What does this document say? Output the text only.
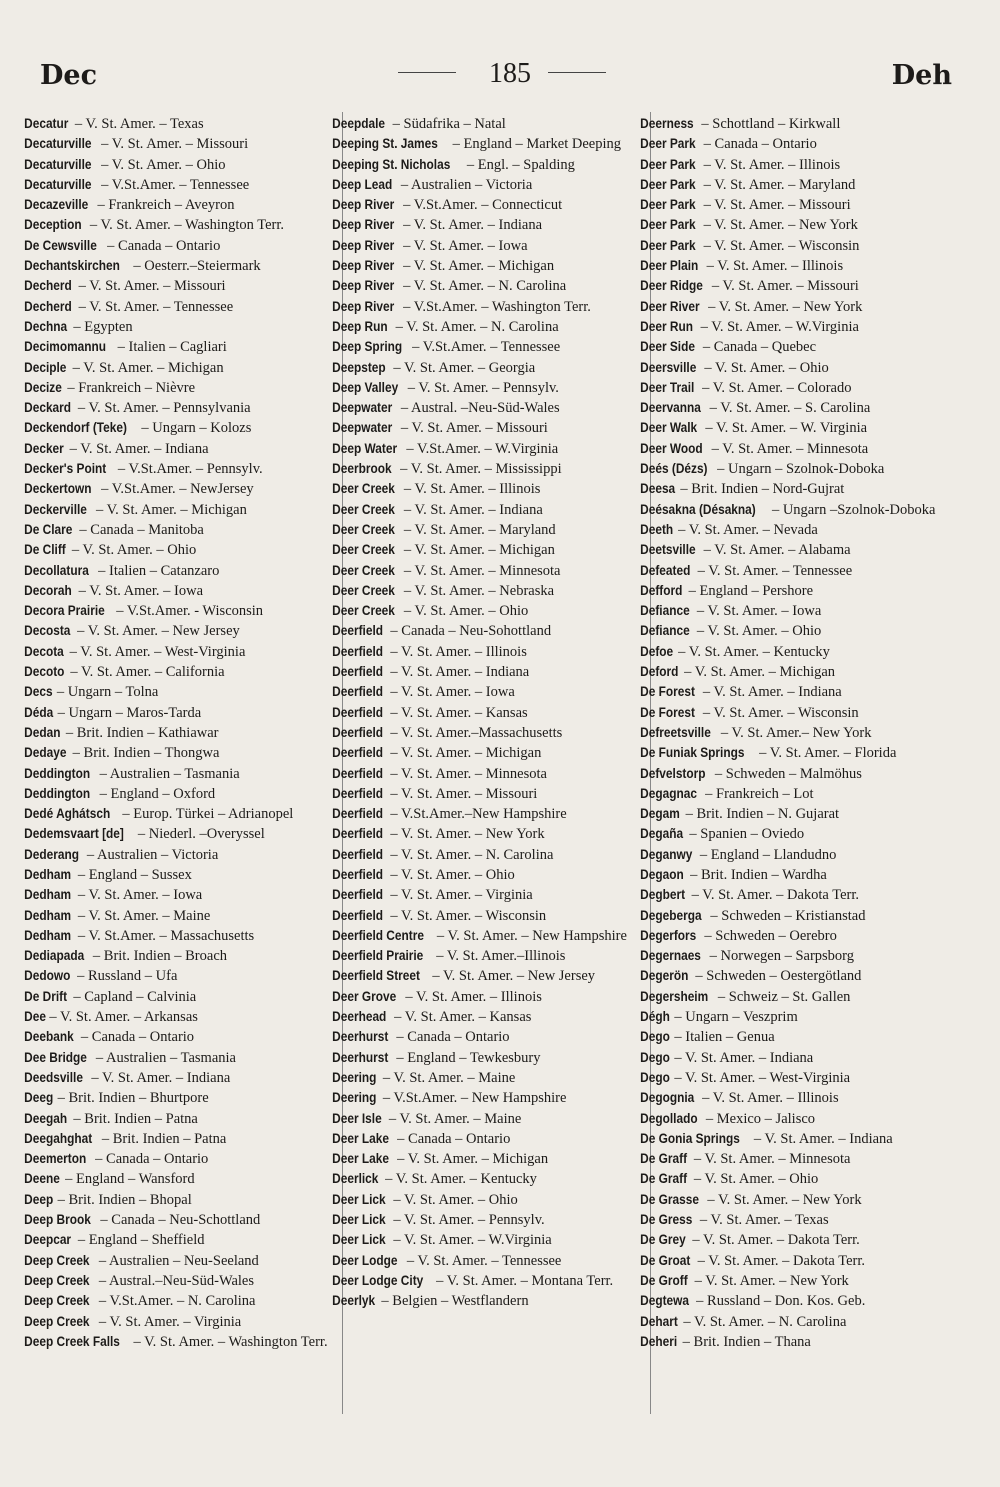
Dec	185	Deh

Decatur – V. St. Amer. – Texas

Decaturville – V. St. Amer. – Missouri

Decaturville – V. St. Amer. – Ohio

Decaturville – V.St.Amer. – Tennessee

Decazeville – Frankreich – Aveyron

Deception – V. St. Amer. – Washington Terr.

De Cewsville – Canada – Ontario

Dechantskirchen – Oesterr.–Steiermark

Decherd – V. St. Amer. – Missouri

Decherd – V. St. Amer. – Tennessee

Dechna – Egypten

Decimomannu – Italien – Cagliari

Deciple – V. St. Amer. – Michigan

Decize – Frankreich – Nièvre

Deckard – V. St. Amer. – Pennsylvania

Deckendorf (Teke) – Ungarn – Kolozs

Decker – V. St. Amer. – Indiana

Decker's Point – V.St.Amer. – Pennsylv.

Deckertown – V.St.Amer. – NewJersey

Deckerville – V. St. Amer. – Michigan

De Clare – Canada – Manitoba

De Cliff – V. St. Amer. – Ohio

Decollatura – Italien – Catanzaro

Decorah – V. St. Amer. – Iowa

Decora Prairie – V.St.Amer. - Wisconsin

Decosta – V. St. Amer. – New Jersey

Decota – V. St. Amer. – West-Virginia

Decoto – V. St. Amer. – California

Decs – Ungarn – Tolna

Déda – Ungarn – Maros-Tarda

Dedan – Brit. Indien – Kathiawar

Dedaye – Brit. Indien – Thongwa

Deddington – Australien – Tasmania

Deddington – England – Oxford

Dedé Aghátsch – Europ. Türkei – Adrianopel

Dedemsvaart [de] – Niederl. –Overyssel

Dederang – Australien – Victoria

Dedham – England – Sussex

Dedham – V. St. Amer. – Iowa

Dedham – V. St. Amer. – Maine

Dedham – V. St.Amer. – Massachusetts

Dediapada – Brit. Indien – Broach

Dedowo – Russland – Ufa

De Drift – Capland – Calvinia

Dee – V. St. Amer. – Arkansas

Deebank – Canada – Ontario

Dee Bridge – Australien – Tasmania

Deedsville – V. St. Amer. – Indiana

Deeg – Brit. Indien – Bhurtpore

Deegah – Brit. Indien – Patna

Deegahghat – Brit. Indien – Patna

Deemerton – Canada – Ontario

Deene – England – Wansford

Deep – Brit. Indien – Bhopal

Deep Brook – Canada – Neu-Schottland

Deepcar – England – Sheffield

Deep Creek – Australien – Neu-Seeland

Deep Creek – Austral.–Neu-Süd-Wales

Deep Creek – V.St.Amer. – N. Carolina

Deep Creek – V. St. Amer. – Virginia

Deep Creek Falls – V. St. Amer. – Washington Terr.

Deepdale – Südafrika – Natal

Deeping St. James – England – Market Deeping

Deeping St. Nicholas – Engl. – Spalding

Deep Lead – Australien – Victoria

Deep River – V.St.Amer. – Connecticut

Deep River – V. St. Amer. – Indiana

Deep River – V. St. Amer. – Iowa

Deep River – V. St. Amer. – Michigan

Deep River – V. St. Amer. – N. Carolina

Deep River – V.St.Amer. – Washington Terr.

Deep Run – V. St. Amer. – N. Carolina

Deep Spring – V.St.Amer. – Tennessee

Deepstep – V. St. Amer. – Georgia

Deep Valley – V. St. Amer. – Pennsylv.

Deepwater – Austral. –Neu-Süd-Wales

Deepwater – V. St. Amer. – Missouri

Deep Water – V.St.Amer. – W.Virginia

Deerbrook – V. St. Amer. – Mississippi

Deer Creek – V. St. Amer. – Illinois

Deer Creek – V. St. Amer. – Indiana

Deer Creek – V. St. Amer. – Maryland

Deer Creek – V. St. Amer. – Michigan

Deer Creek – V. St. Amer. – Minnesota

Deer Creek – V. St. Amer. – Nebraska

Deer Creek – V. St. Amer. – Ohio

Deerfield – Canada – Neu-Sohottland

Deerfield – V. St. Amer. – Illinois

Deerfield – V. St. Amer. – Indiana

Deerfield – V. St. Amer. – Iowa

Deerfield – V. St. Amer. – Kansas

Deerfield – V. St. Amer.–Massachusetts

Deerfield – V. St. Amer. – Michigan

Deerfield – V. St. Amer. – Minnesota

Deerfield – V. St. Amer. – Missouri

Deerfield – V.St.Amer.–New Hampshire

Deerfield – V. St. Amer. – New York

Deerfield – V. St. Amer. – N. Carolina

Deerfield – V. St. Amer. – Ohio

Deerfield – V. St. Amer. – Virginia

Deerfield – V. St. Amer. – Wisconsin

Deerfield Centre – V. St. Amer. – New Hampshire

Deerfield Prairie – V. St. Amer.–Illinois

Deerfield Street – V. St. Amer. – New Jersey

Deer Grove – V. St. Amer. – Illinois

Deerhead – V. St. Amer. – Kansas

Deerhurst – Canada – Ontario

Deerhurst – England – Tewkesbury

Deering – V. St. Amer. – Maine

Deering – V.St.Amer. – New Hampshire

Deer Isle – V. St. Amer. – Maine

Deer Lake – Canada – Ontario

Deer Lake – V. St. Amer. – Michigan

Deerlick – V. St. Amer. – Kentucky

Deer Lick – V. St. Amer. – Ohio

Deer Lick – V. St. Amer. – Pennsylv.

Deer Lick – V. St. Amer. – W.Virginia

Deer Lodge – V. St. Amer. – Tennessee

Deer Lodge City – V. St. Amer. – Montana Terr.

Deerlyk – Belgien – Westflandern

Deerness – Schottland – Kirkwall

Deer Park – Canada – Ontario

Deer Park – V. St. Amer. – Illinois

Deer Park – V. St. Amer. – Maryland

Deer Park – V. St. Amer. – Missouri

Deer Park – V. St. Amer. – New York

Deer Park – V. St. Amer. – Wisconsin

Deer Plain – V. St. Amer. – Illinois

Deer Ridge – V. St. Amer. – Missouri

Deer River – V. St. Amer. – New York

Deer Run – V. St. Amer. – W.Virginia

Deer Side – Canada – Quebec

Deersville – V. St. Amer. – Ohio

Deer Trail – V. St. Amer. – Colorado

Deervanna – V. St. Amer. – S. Carolina

Deer Walk – V. St. Amer. – W. Virginia

Deer Wood – V. St. Amer. – Minnesota

Deés (Dézs) – Ungarn – Szolnok-Doboka

Deesa – Brit. Indien – Nord-Gujrat

Deésakna (Désakna) – Ungarn –Szolnok-Doboka

Deeth – V. St. Amer. – Nevada

Deetsville – V. St. Amer. – Alabama

Defeated – V. St. Amer. – Tennessee

Defford – England – Pershore

Defiance – V. St. Amer. – Iowa

Defiance – V. St. Amer. – Ohio

Defoe – V. St. Amer. – Kentucky

Deford – V. St. Amer. – Michigan

De Forest – V. St. Amer. – Indiana

De Forest – V. St. Amer. – Wisconsin

Defreetsville – V. St. Amer.– New York

De Funiak Springs – V. St. Amer. – Florida

Defvelstorp – Schweden – Malmöhus

Degagnac – Frankreich – Lot

Degam – Brit. Indien – N. Gujarat

Degaña – Spanien – Oviedo

Deganwy – England – Llandudno

Degaon – Brit. Indien – Wardha

Degbert – V. St. Amer. – Dakota Terr.

Degeberga – Schweden – Kristianstad

Degerfors – Schweden – Oerebro

Degernaes – Norwegen – Sarpsborg

Degerön – Schweden – Oestergötland

Degersheim – Schweiz – St. Gallen

Dégh – Ungarn – Veszprim

Dego – Italien – Genua

Dego – V. St. Amer. – Indiana

Dego – V. St. Amer. – West-Virginia

Degognia – V. St. Amer. – Illinois

Degollado – Mexico – Jalisco

De Gonia Springs – V. St. Amer. – Indiana

De Graff – V. St. Amer. – Minnesota

De Graff – V. St. Amer. – Ohio

De Grasse – V. St. Amer. – New York

De Gress – V. St. Amer. – Texas

De Grey – V. St. Amer. – Dakota Terr.

De Groat – V. St. Amer. – Dakota Terr.

De Groff – V. St. Amer. – New York

Degtewa – Russland – Don. Kos. Geb.

Dehart – V. St. Amer. – N. Carolina

Deheri – Brit. Indien – Thana
